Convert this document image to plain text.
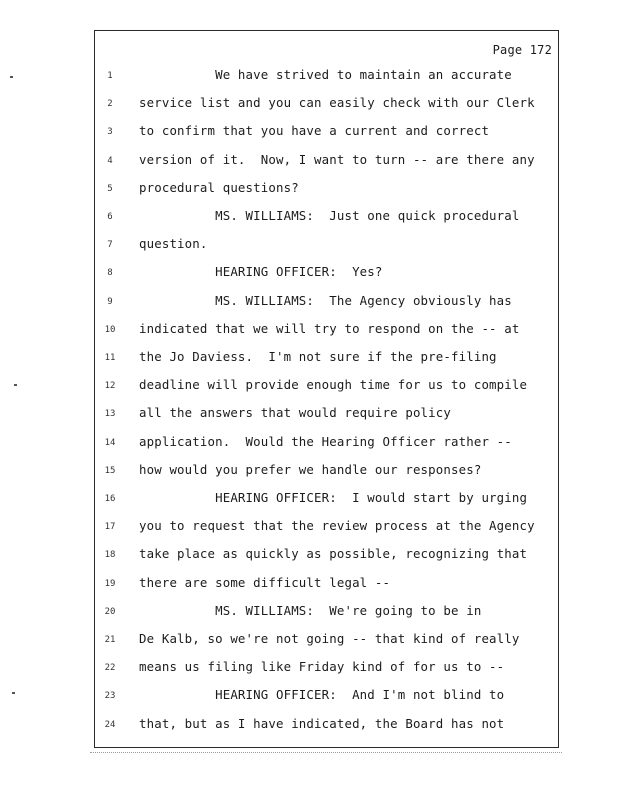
Page 172
1	We have strived to maintain an accurate
2	service list and you can easily check with our Clerk
3	to confirm that you have a current and correct
4	version of it.  Now, I want to turn -- are there any
5	procedural questions?
6	MS. WILLIAMS:  Just one quick procedural
7	question.
8	HEARING OFFICER:  Yes?
9	MS. WILLIAMS:  The Agency obviously has
10 indicated that we will try to respond on the -- at
11 the Jo Daviess.  I'm not sure if the pre-filing
12 deadline will provide enough time for us to compile
13 all the answers that would require policy
14 application.  Would the Hearing Officer rather --
15 how would you prefer we handle our responses?
16 HEARING OFFICER:  I would start by urging
17 you to request that the review process at the Agency
18 take place as quickly as possible, recognizing that
19 there are some difficult legal --
20 MS. WILLIAMS:  We're going to be in
21 De Kalb, so we're not going -- that kind of really
22 means us filing like Friday kind of for us to --
23 HEARING OFFICER:  And I'm not blind to
24 that, but as I have indicated, the Board has not
